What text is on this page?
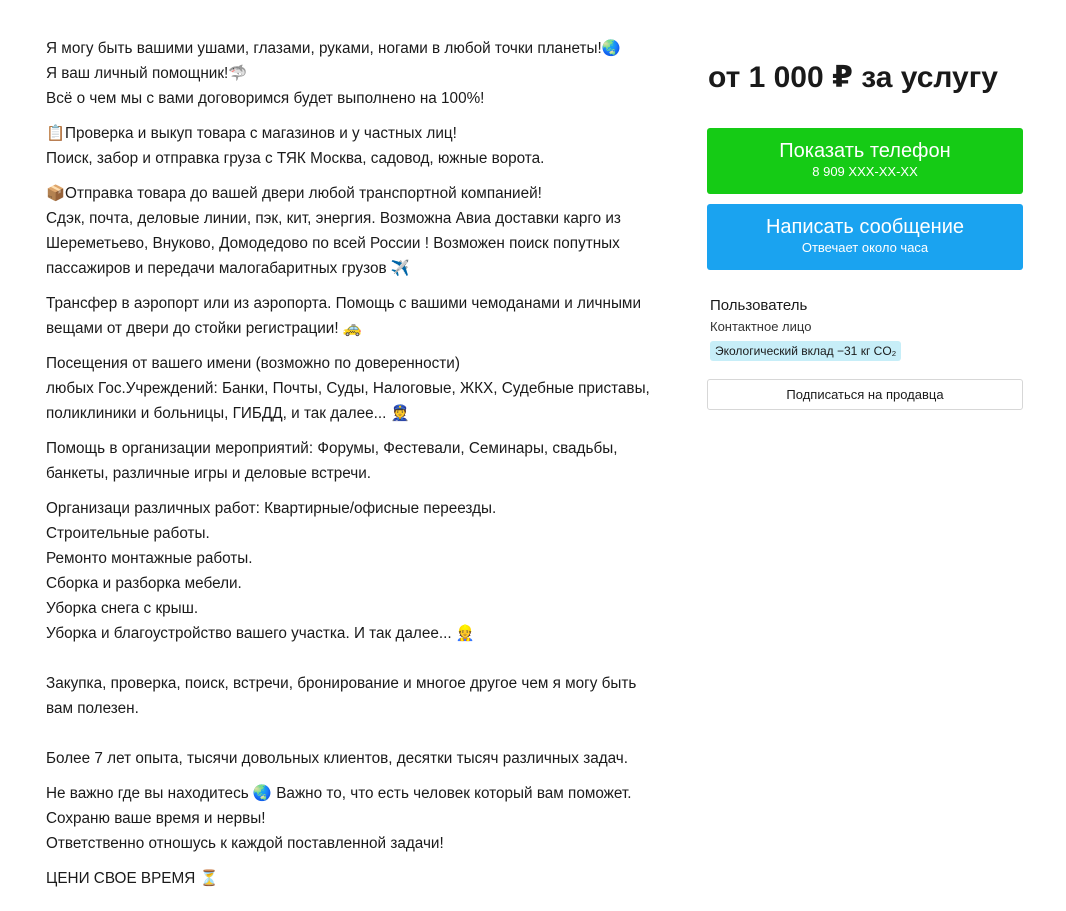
Я могу быть вашими ушами, глазами, руками, ногами в любой точки планеты!🌏
Я ваш личный помощник!🦈
Всё о чем мы с вами договоримся будет выполнено на 100%!

📋Проверка и выкуп товара с магазинов и у частных лиц!
Поиск, забор и отправка груза с ТЯК Москва, садовод, южные ворота.

📦Отправка товара до вашей двери любой транспортной компанией!
Сдэк, почта, деловые линии, пэк, кит, энергия. Возможна Авиа доставки карго из
Шереметьево, Внуково, Домодедово по всей России ! Возможен поиск попутных
пассажиров и передачи малогабаритных грузов ✈️

Трансфер в аэропорт или из аэропорта. Помощь с вашими чемоданами и личными
вещами от двери до стойки регистрации! 🚕

Посещения от вашего имени (возможно по доверенности)
любых Гос.Учреждений: Банки, Почты, Суды, Налоговые, ЖКХ, Судебные приставы,
поликлиники и больницы, ГИБДД, и так далее... 👮

Помощь в организации мероприятий: Форумы, Фестевали, Семинары, свадьбы,
банкеты, различные игры и деловые встречи.

Организаци различных работ: Квартирные/офисные переезды.
Строительные работы.
Ремонто монтажные работы.
Сборка и разборка мебели.
Уборка снега с крыш.
Уборка и благоустройство вашего участка. И так далее... 👷

Закупка, проверка, поиск, встречи, бронирование и многое другое чем я могу быть
вам полезен.

Более 7 лет опыта, тысячи довольных клиентов, десятки тысяч различных задач.

Не важно где вы находитесь 🌏 Важно то, что есть человек который вам поможет.
Сохраню ваше время и нервы!
Ответственно отношусь к каждой поставленной задачи!

ЦЕНИ СВОЕ ВРЕМЯ ⏳

от 1 000 ₽ за услугу
Показать телефон
8 909 XXX-XX-XX
Написать сообщение
Отвечает около часа
Пользователь
Контактное лицо
Экологический вклад −31 кг CO₂
Подписаться на продавца
